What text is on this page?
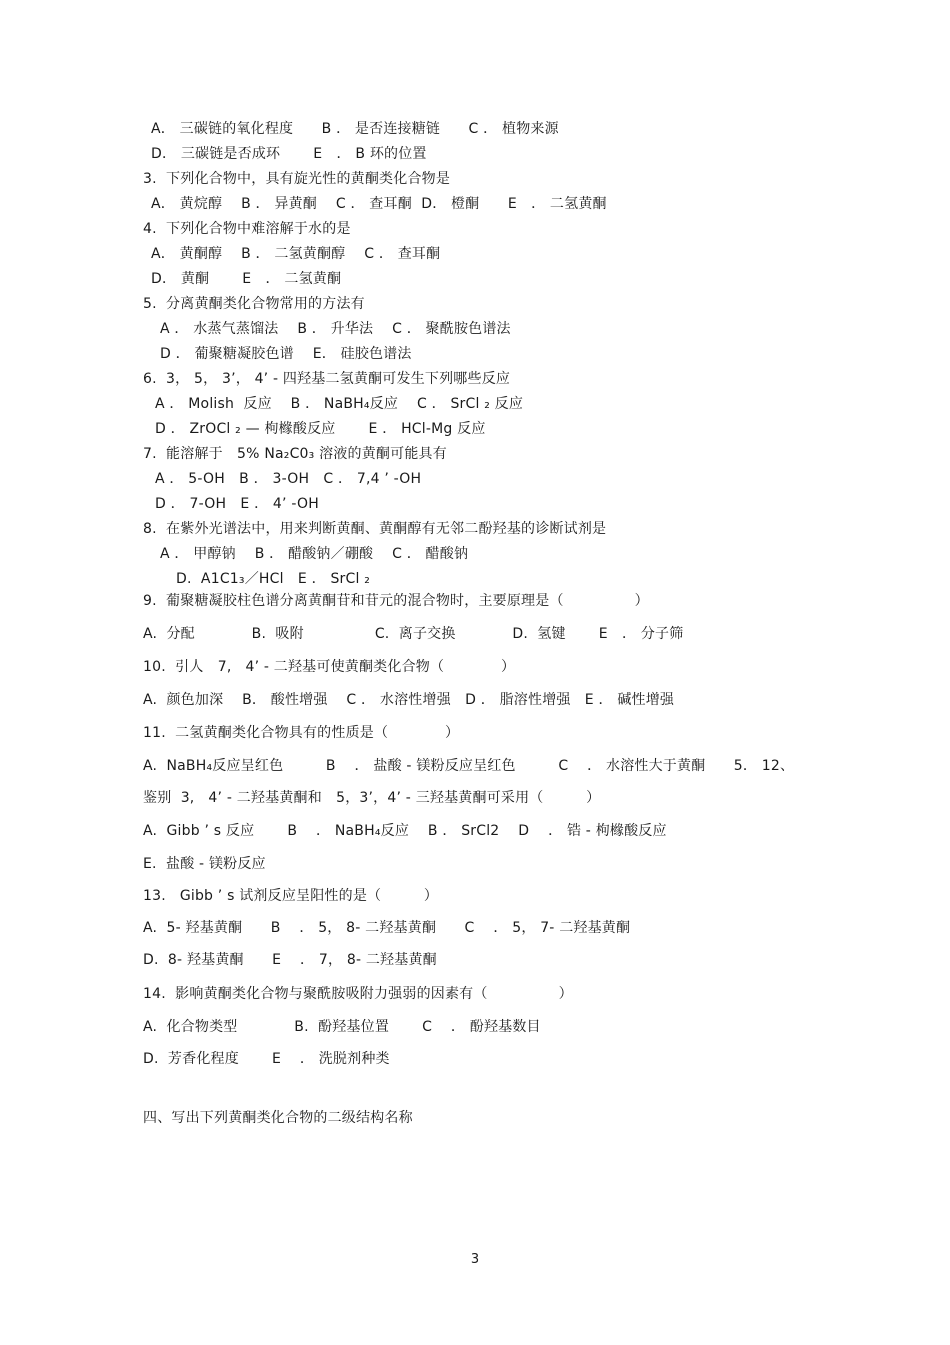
A． 三碳链的氧化程度　　B ． 是否连接糖链　　C ． 植物来源
D． 三碳链是否成环　　 E　． B 环的位置
3.  下列化合物中，具有旋光性的黄酮类化合物是
A． 黄烷醇　 B ． 异黄酮　 C ． 查耳酮  D． 橙酮　　E　． 二氢黄酮
4.  下列化合物中难溶解于水的是
A． 黄酮醇　 B ． 二氢黄酮醇　 C ． 查耳酮
D． 黄酮　　 E　． 二氢黄酮
5.  分离黄酮类化合物常用的方法有
A ． 水蒸气蒸馏法　 B ． 升华法　 C ． 聚酰胺色谱法
D ． 葡聚糖凝胶色谱　 E． 硅胶色谱法
6.  3， 5， 3’， 4’ - 四羟基二氢黄酮可发生下列哪些反应
A ． Molish  反应　 B ． NaBH₄反应　 C ． SrCl ₂ 反应
D ． ZrOCl ₂ — 枸橼酸反应　　 E ． HCl-Mg 反应
7.  能溶解于　5% Na₂C0₃ 溶液的黄酮可能具有
A ． 5-OH　B ． 3-OH　C ． 7,4 ’ -OH
D ． 7-OH　E ． 4’ -OH
8.  在紫外光谱法中，用来判断黄酮、黄酮醇有无邻二酚羟基的诊断试剂是
A ． 甲醇钠　 B ． 醋酸钠／硼酸　 C ． 醋酸钠
D.  A1C1₃／HCl　E ． SrCl ₂
9.  葡聚糖凝胶柱色谱分离黄酮苷和苷元的混合物时，主要原理是（　　　　　）
A.  分配　　　　B.  吸附　　　　　C.  离子交换　　　　D.  氢键　　 E　． 分子筛
10.  引人　7,   4’ - 二羟基可使黄酮类化合物（　　　　）
A.  颜色加深　 B． 酸性增强　 C ． 水溶性增强　D ． 脂溶性增强　E ． 碱性增强
11.  二氢黄酮类化合物具有的性质是（　　　　）
A.  NaBH₄反应呈红色　　　B　 ． 盐酸 - 镁粉反应呈红色　　　C　 ． 水溶性大于黄酮　　5． 12、
鉴别  3,   4’ - 二羟基黄酮和　5，3’，4’ - 三羟基黄酮可采用（　　　）
A.  Gibb ’ s 反应　　 B　 ． NaBH₄反应　 B ． SrCl2　 D　 ． 锆 - 枸橼酸反应
E.  盐酸 - 镁粉反应
13.   Gibb ’ s 试剂反应呈阳性的是（　　　）
A.  5- 羟基黄酮　　B　 ． 5， 8- 二羟基黄酮　　C　 ． 5， 7- 二羟基黄酮
D.  8- 羟基黄酮　　E　 ． 7， 8- 二羟基黄酮
14.  影响黄酮类化合物与聚酰胺吸附力强弱的因素有（　　　　　）
A.  化合物类型　　　　B.  酚羟基位置　　 C　 ． 酚羟基数目
D.  芳香化程度　　 E　 ． 洗脱剂种类
四、写出下列黄酮类化合物的二级结构名称
3
